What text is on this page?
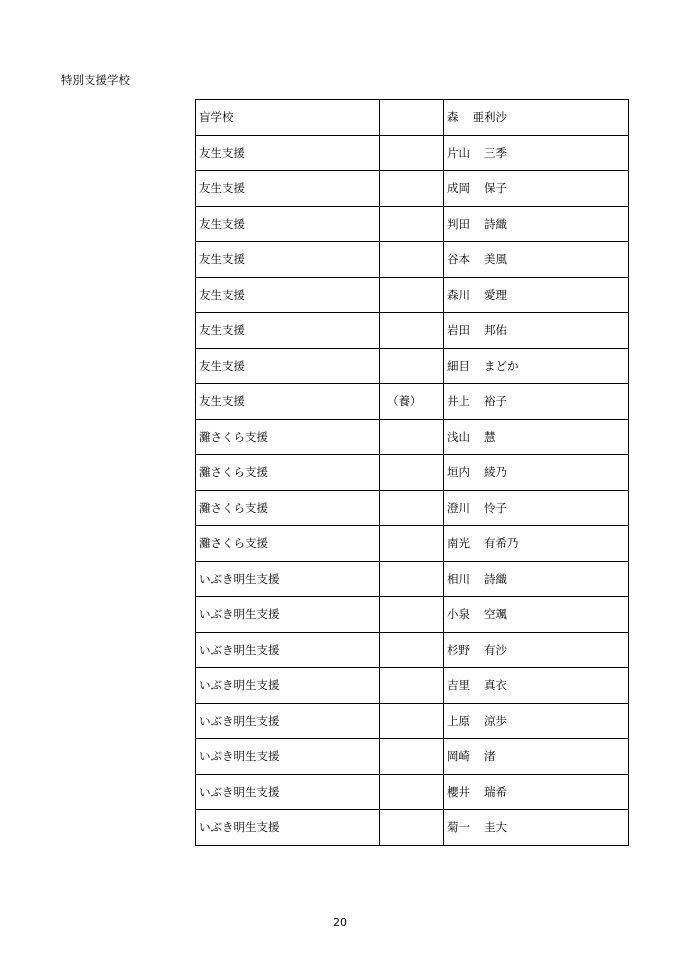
特別支援学校
盲学校		森 亜利沙
友生支援		片山 三季
友生支援		成岡 保子
友生支援		判田 詩織
友生支援		谷本 美風
友生支援		森川 愛理
友生支援		岩田 邦佑
友生支援		細目 まどか
友生支援	（養）	井上 裕子
灘さくら支援		浅山 慧
灘さくら支援		垣内 綾乃
灘さくら支援		澄川 怜子
灘さくら支援		南光 有希乃
いぶき明生支援		相川 詩織
いぶき明生支援		小泉 空颯
いぶき明生支援		杉野 有沙
いぶき明生支援		吉里 真衣
いぶき明生支援		上原 涼歩
いぶき明生支援		岡崎 渚
いぶき明生支援		櫻井 瑞希
いぶき明生支援		菊一 圭大
20
